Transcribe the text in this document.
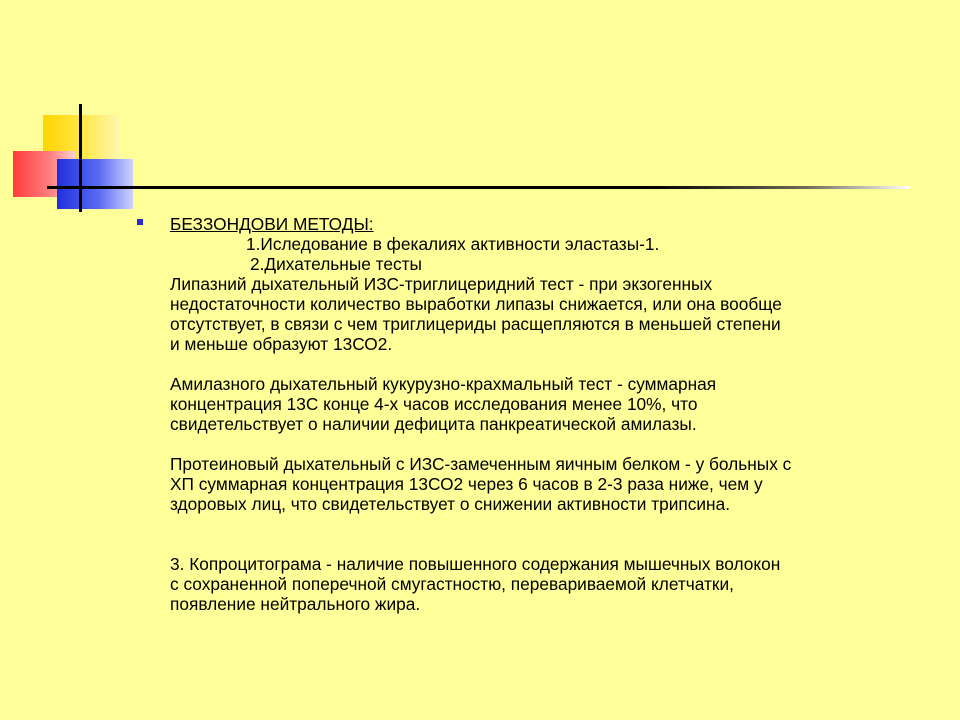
БЕЗЗОНДОВИ МЕТОДЫ:
1.Иследование в фекалиях активности эластазы-1.
2.Дихательные тесты
Липазний дыхательный ИЗС-триглицеридний тест - при экзогенных
недостаточности количество выработки липазы снижается, или она вообще
отсутствует, в связи с чем триглицериды расщепляются в меньшей степени
и меньше образуют 13СО2.
Амилазного дыхательный кукурузно-крахмальный тест - суммарная
концентрация 13С конце 4-х часов исследования менее 10%, что
свидетельствует о наличии дефицита панкреатической амилазы.
Протеиновый дыхательный с ИЗС-замеченным яичным белком - у больных с
ХП суммарная концентрация 13СО2 через 6 часов в 2-3 раза ниже, чем у
здоровых лиц, что свидетельствует о снижении активности трипсина.
3. Копроцитограма - наличие повышенного содержания мышечных волокон
с сохраненной поперечной смугастностю, перевариваемой клетчатки,
появление нейтрального жира.
